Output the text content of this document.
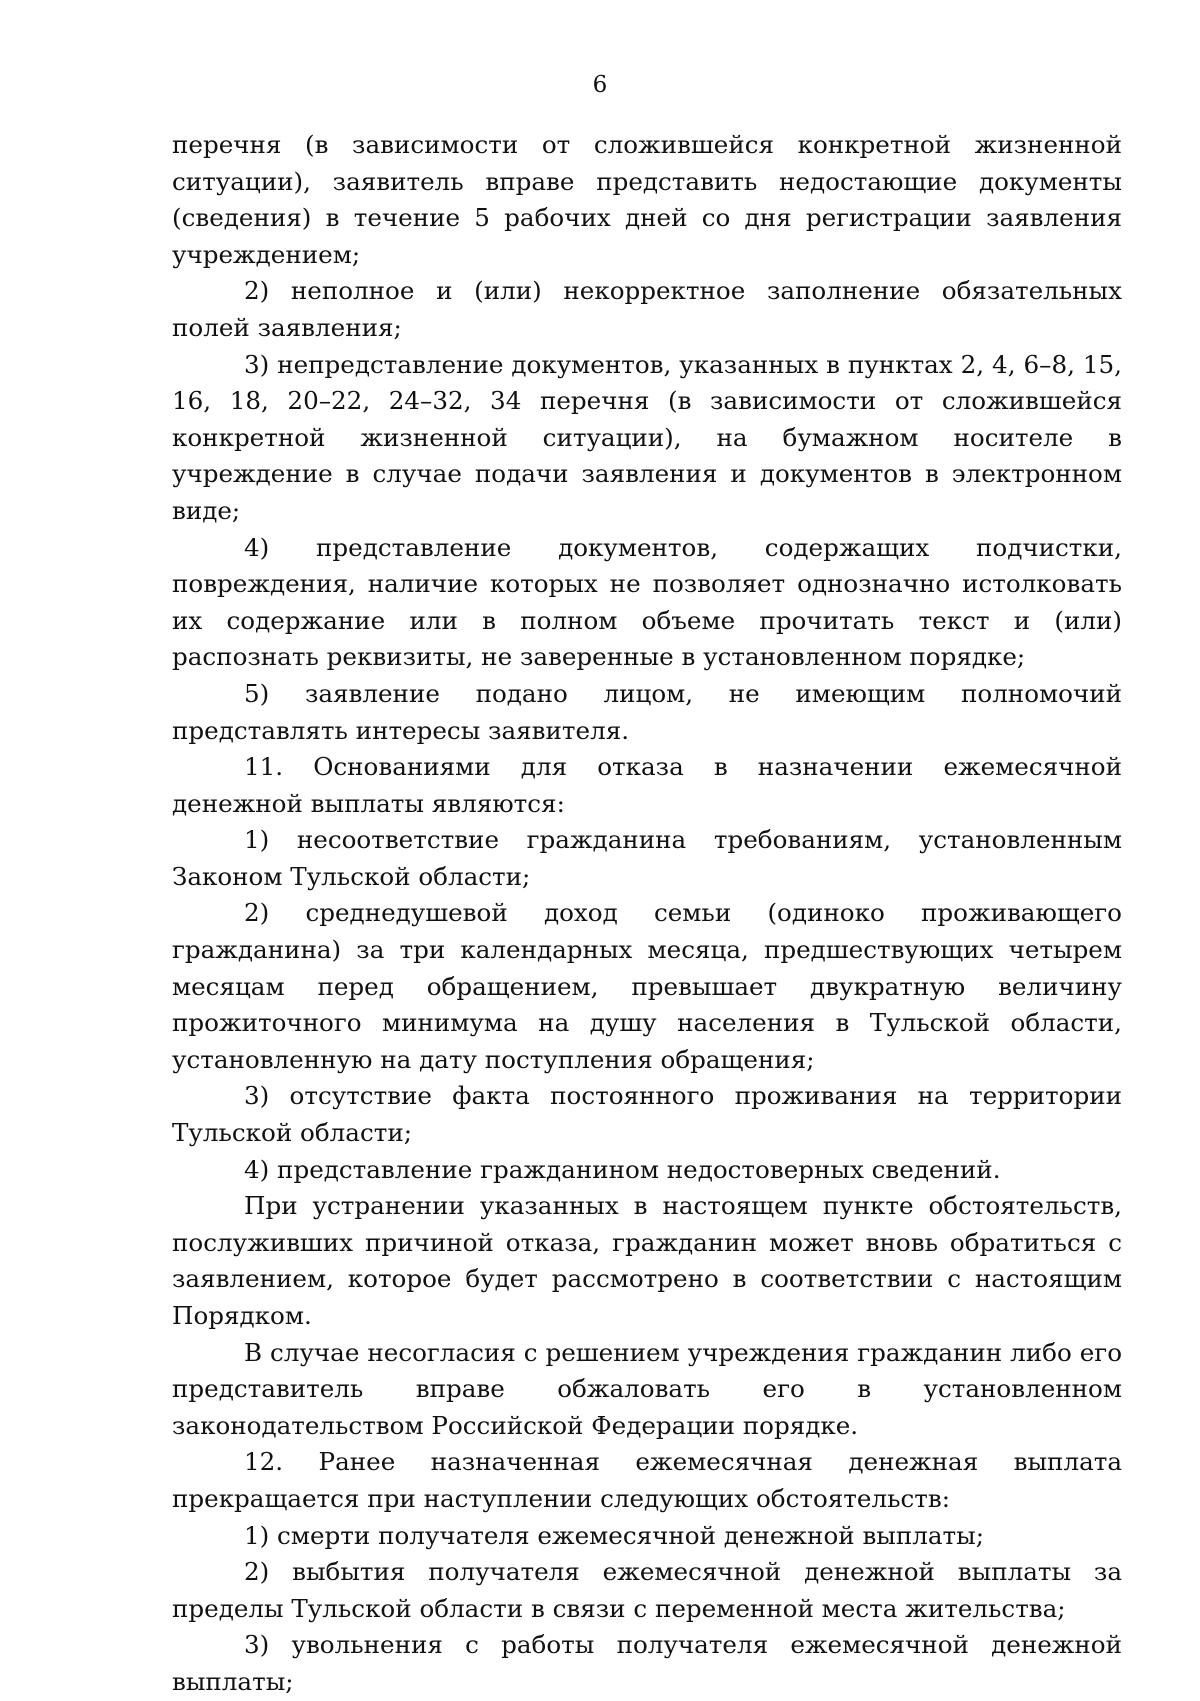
6

перечня (в зависимости от сложившейся конкретной жизненной ситуации), заявитель вправе представить недостающие документы (сведения) в течение 5 рабочих дней со дня регистрации заявления учреждением;

2) неполное и (или) некорректное заполнение обязательных полей заявления;

3) непредставление документов, указанных в пунктах 2, 4, 6–8, 15, 16, 18, 20–22, 24–32, 34 перечня (в зависимости от сложившейся конкретной жизненной ситуации), на бумажном носителе в учреждение в случае подачи заявления и документов в электронном виде;

4) представление документов, содержащих подчистки, повреждения, наличие которых не позволяет однозначно истолковать их содержание или в полном объеме прочитать текст и (или) распознать реквизиты, не заверенные в установленном порядке;

5) заявление подано лицом, не имеющим полномочий представлять интересы заявителя.

11. Основаниями для отказа в назначении ежемесячной денежной выплаты являются:

1) несоответствие гражданина требованиям, установленным Законом Тульской области;

2) среднедушевой доход семьи (одиноко проживающего гражданина) за три календарных месяца, предшествующих четырем месяцам перед обращением, превышает двукратную величину прожиточного минимума на душу населения в Тульской области, установленную на дату поступления обращения;

3) отсутствие факта постоянного проживания на территории Тульской области;

4) представление гражданином недостоверных сведений.

При устранении указанных в настоящем пункте обстоятельств, послуживших причиной отказа, гражданин может вновь обратиться с заявлением, которое будет рассмотрено в соответствии с настоящим Порядком.

В случае несогласия с решением учреждения гражданин либо его представитель вправе обжаловать его в установленном законодательством Российской Федерации порядке.

12. Ранее назначенная ежемесячная денежная выплата прекращается при наступлении следующих обстоятельств:

1) смерти получателя ежемесячной денежной выплаты;

2) выбытия получателя ежемесячной денежной выплаты за пределы Тульской области в связи с переменной места жительства;

3) увольнения с работы получателя ежемесячной денежной выплаты;
